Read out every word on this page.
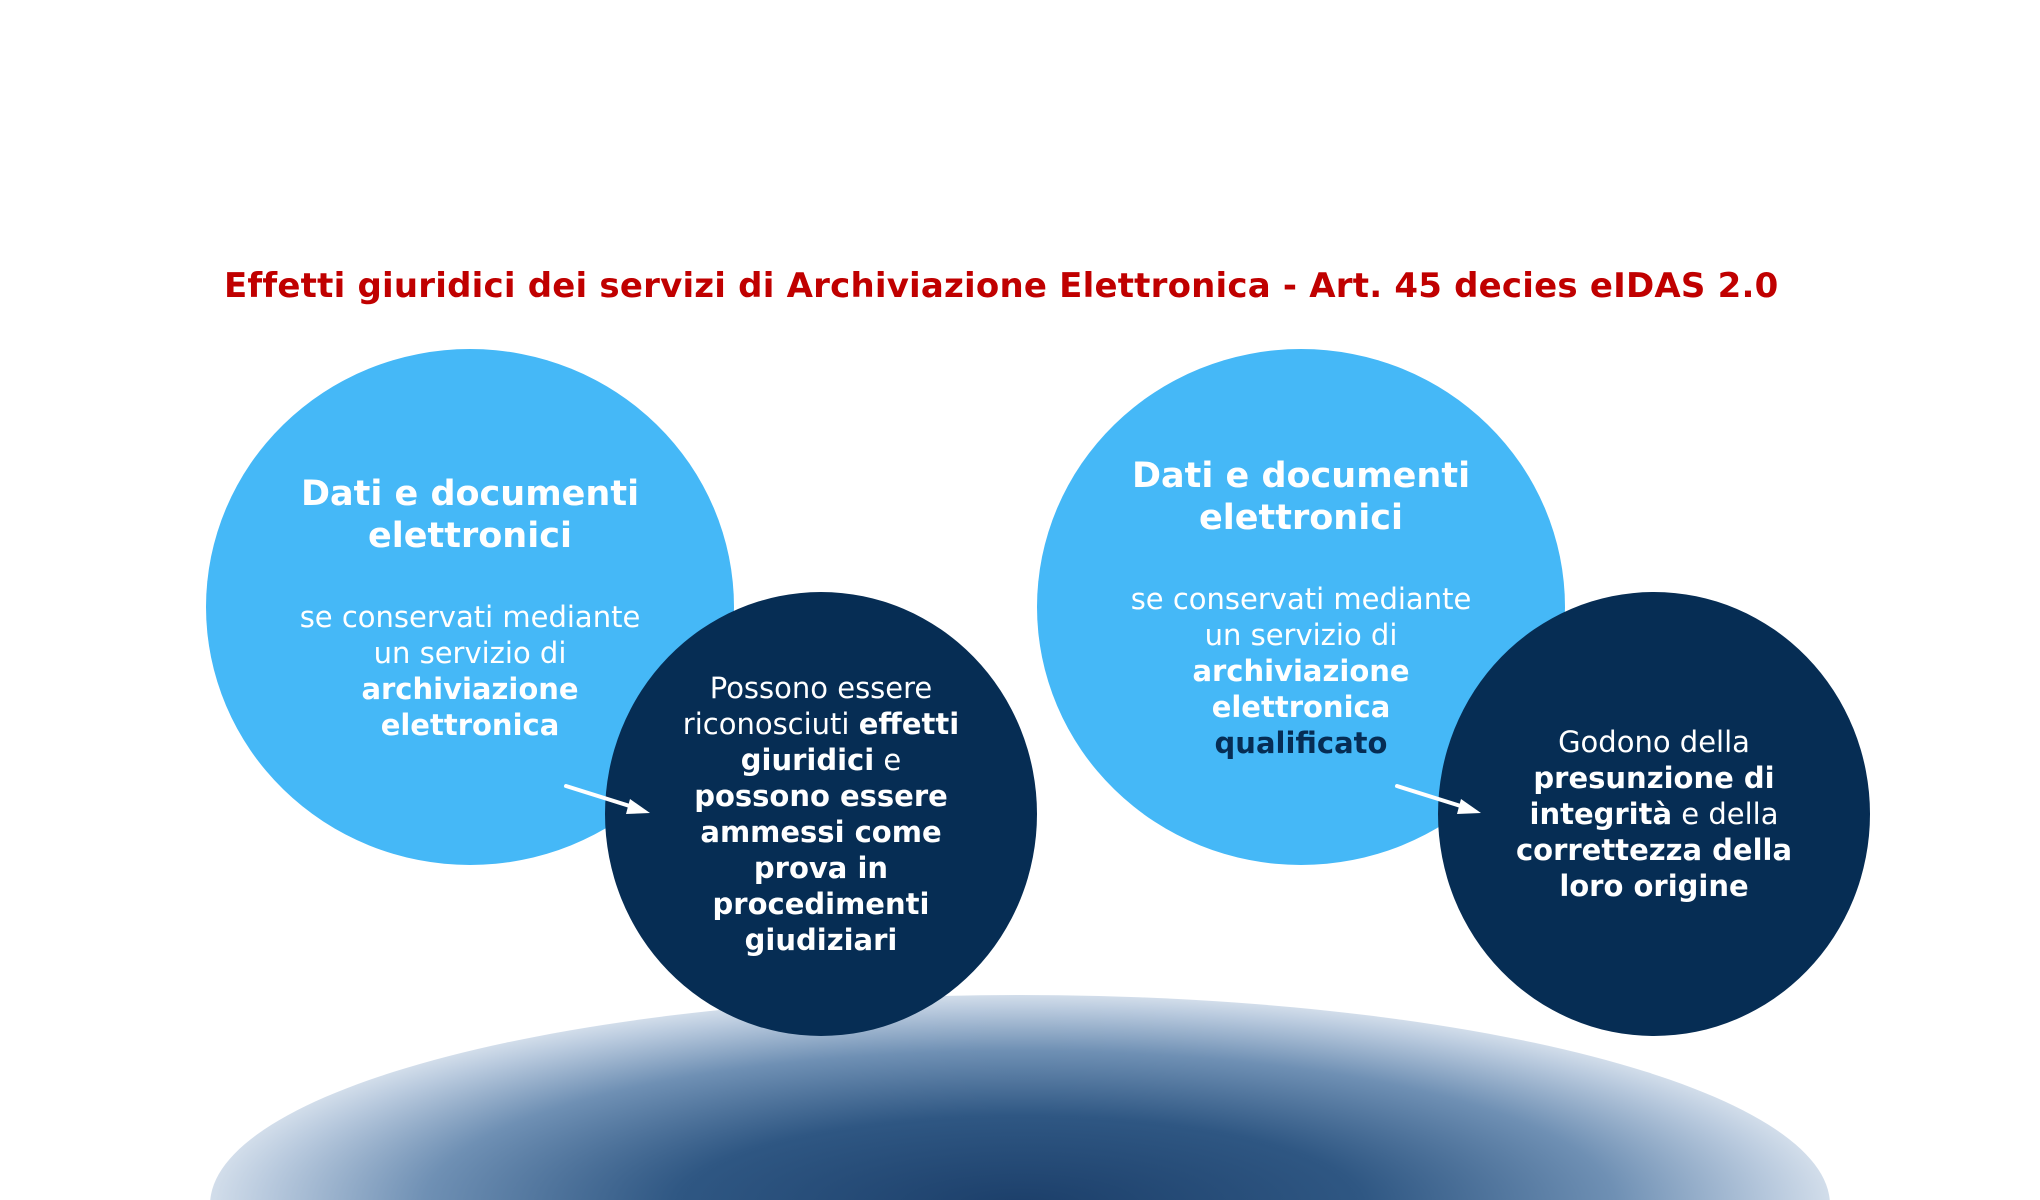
Effetti giuridici dei servizi di Archiviazione Elettronica - Art. 45 decies eIDAS 2.0
Dati e documenti elettronici
se conservati mediante un servizio di archiviazione elettronica
Possono essere riconosciuti effetti giuridici e possono essere ammessi come prova in procedimenti giudiziari
Dati e documenti elettronici
se conservati mediante un servizio di archiviazione elettronica
qualificato	Godono della presunzione di integrità e della correttezza della loro origine
